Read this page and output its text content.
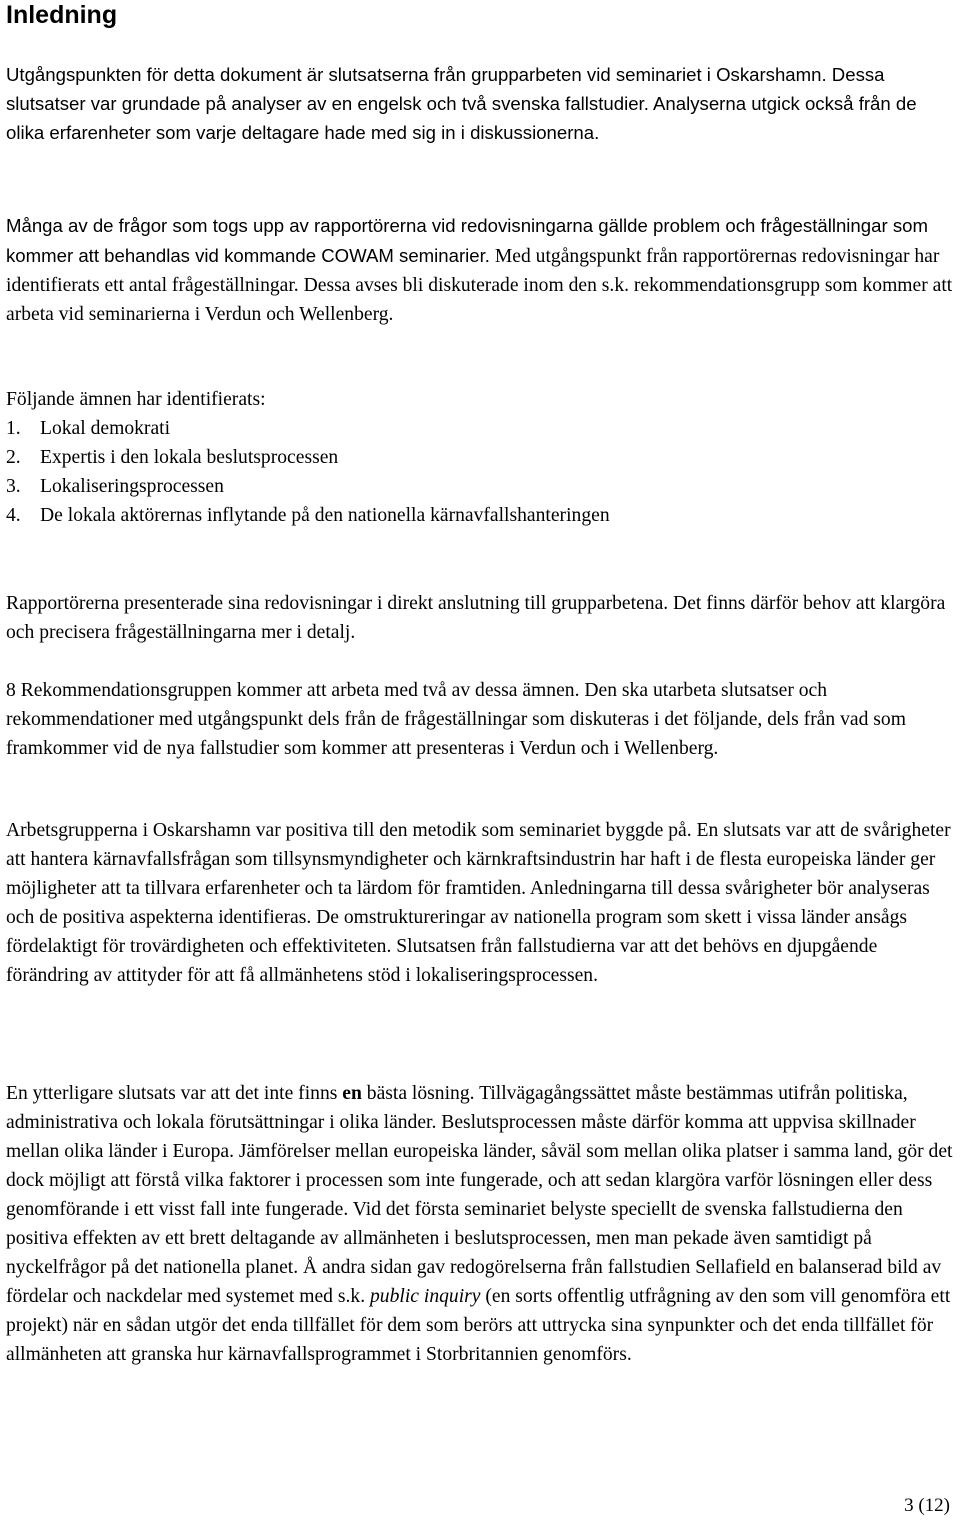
Inledning

Utgångspunkten för detta dokument är slutsatserna från grupparbeten vid seminariet i Oskarshamn. Dessa slutsatser var grundade på analyser av en engelsk och två svenska fallstudier. Analyserna utgick också från de olika erfarenheter som varje deltagare hade med sig in i diskussionerna.

Många av de frågor som togs upp av rapportörerna vid redovisningarna gällde problem och frågeställningar som kommer att behandlas vid kommande COWAM seminarier. Med utgångspunkt från rapportörernas redovisningar har identifierats ett antal frågeställningar. Dessa avses bli diskuterade inom den s.k. rekommendationsgrupp som kommer att arbeta vid seminarierna i Verdun och Wellenberg.

Följande ämnen har identifierats:

1. Lokal demokrati
2. Expertis i den lokala beslutsprocessen
3. Lokaliseringsprocessen
4. De lokala aktörernas inflytande på den nationella kärnavfallshanteringen

Rapportörerna presenterade sina redovisningar i direkt anslutning till grupparbetena. Det finns därför behov att klargöra och precisera frågeställningarna mer i detalj.

8 Rekommendationsgruppen kommer att arbeta med två av dessa ämnen. Den ska utarbeta slutsatser och rekommendationer med utgångspunkt dels från de frågeställningar som diskuteras i det följande, dels från vad som framkommer vid de nya fallstudier som kommer att presenteras i Verdun och i Wellenberg.

Arbetsgrupperna i Oskarshamn var positiva till den metodik som seminariet byggde på. En slutsats var att de svårigheter att hantera kärnavfallsfrågan som tillsynsmyndigheter och kärnkraftsindustrin har haft i de flesta europeiska länder ger möjligheter att ta tillvara erfarenheter och ta lärdom för framtiden. Anledningarna till dessa svårigheter bör analyseras och de positiva aspekterna identifieras. De omstruktureringar av nationella program som skett i vissa länder ansågs fördelaktigt för trovärdigheten och effektiviteten. Slutsatsen från fallstudierna var att det behövs en djupgående förändring av attityder för att få allmänhetens stöd i lokaliseringsprocessen.

En ytterligare slutsats var att det inte finns en bästa lösning. Tillvägagångssättet måste bestämmas utifrån politiska, administrativa och lokala förutsättningar i olika länder. Beslutsprocessen måste därför komma att uppvisa skillnader mellan olika länder i Europa. Jämförelser mellan europeiska länder, såväl som mellan olika platser i samma land, gör det dock möjligt att förstå vilka faktorer i processen som inte fungerade, och att sedan klargöra varför lösningen eller dess genomförande i ett visst fall inte fungerade. Vid det första seminariet belyste speciellt de svenska fallstudierna den positiva effekten av ett brett deltagande av allmänheten i beslutsprocessen, men man pekade även samtidigt på nyckelfrågor på det nationella planet. Å andra sidan gav redogörelserna från fallstudien Sellafield en balanserad bild av fördelar och nackdelar med systemet med s.k. public inquiry (en sorts offentlig utfrågning av den som vill genomföra ett projekt) när en sådan utgör det enda tillfället för dem som berörs att uttrycka sina synpunkter och det enda tillfället för allmänheten att granska hur kärnavfallsprogrammet i Storbritannien genomförs.

3 (12)
